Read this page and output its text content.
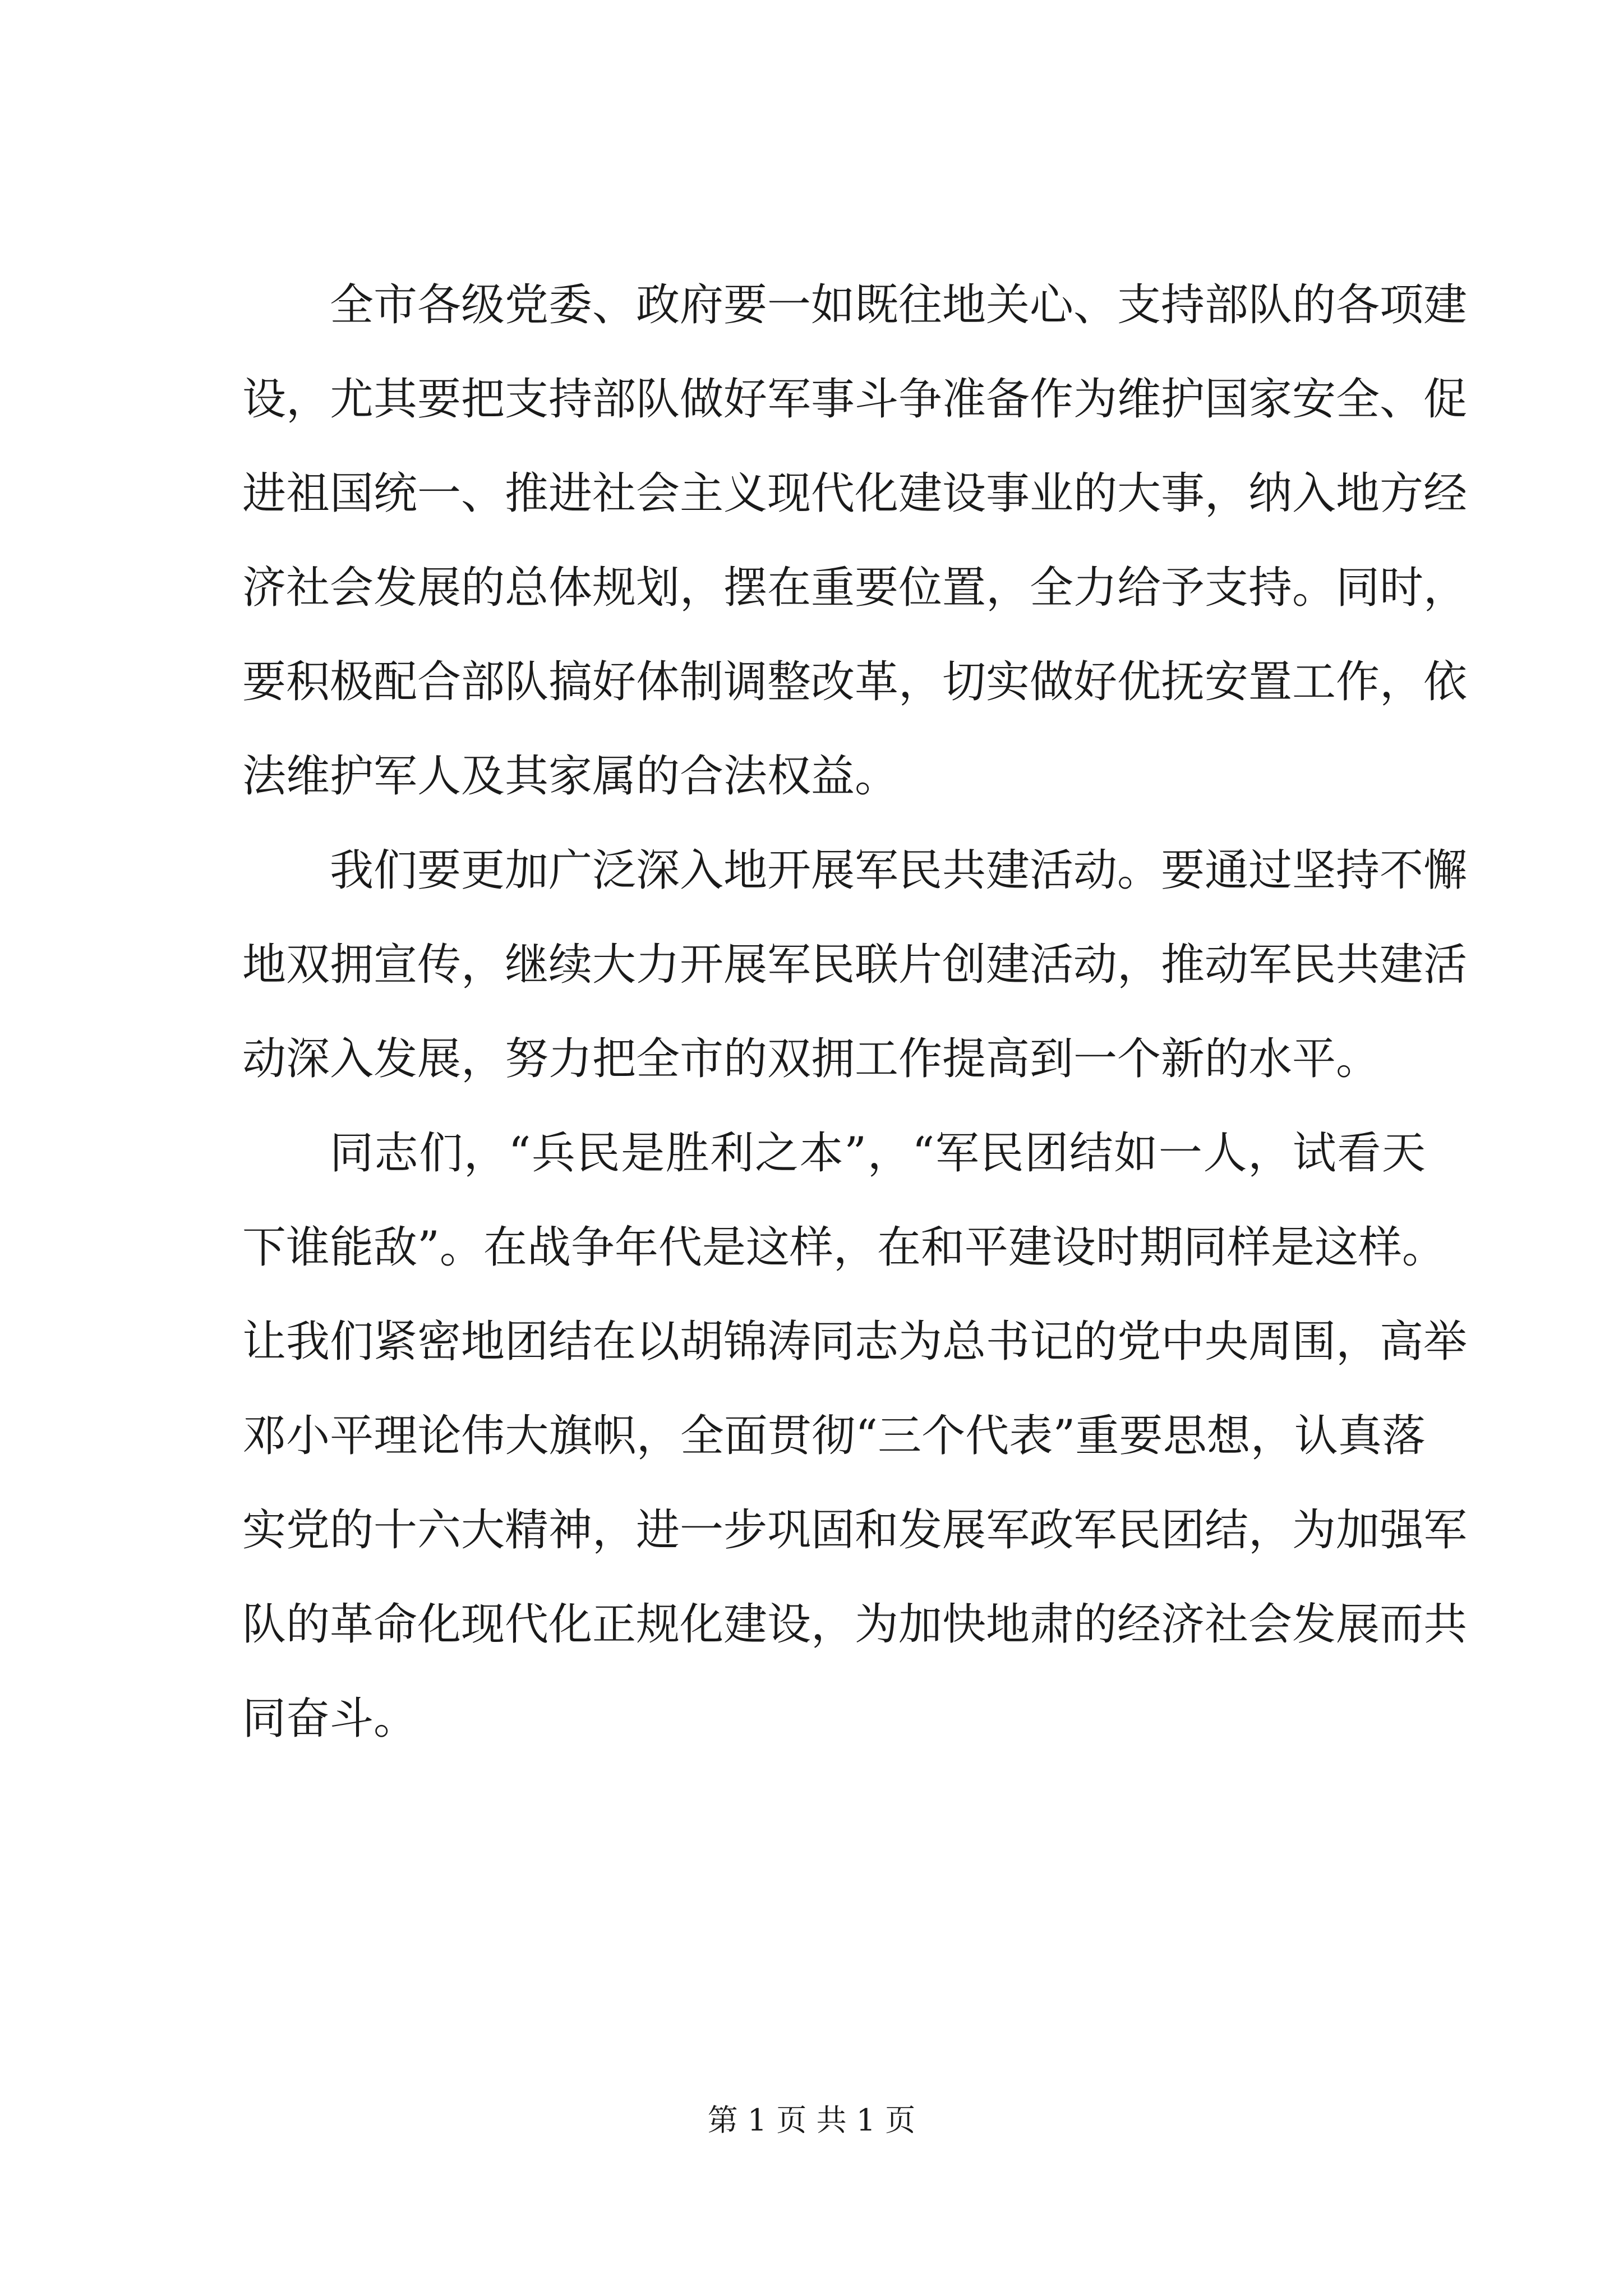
全市各级党委、政府要一如既往地关心、支持部队的各项建
设，尤其要把支持部队做好军事斗争准备作为维护国家安全、促
进祖国统一、推进社会主义现代化建设事业的大事，纳入地方经
济社会发展的总体规划，摆在重要位置，全力给予支持。同时，
要积极配合部队搞好体制调整改革，切实做好优抚安置工作，依
法维护军人及其家属的合法权益。
我们要更加广泛深入地开展军民共建活动。要通过坚持不懈
地双拥宣传，继续大力开展军民联片创建活动，推动军民共建活
动深入发展，努力把全市的双拥工作提高到一个新的水平。
同志们，“兵民是胜利之本”，“军民团结如一人，试看天
下谁能敌”。在战争年代是这样，在和平建设时期同样是这样。
让我们紧密地团结在以胡锦涛同志为总书记的党中央周围，高举
邓小平理论伟大旗帜，全面贯彻“三个代表”重要思想，认真落
实党的十六大精神，进一步巩固和发展军政军民团结，为加强军
队的革命化现代化正规化建设，为加快地肃的经济社会发展而共
同奋斗。
第 1 页 共 1 页
